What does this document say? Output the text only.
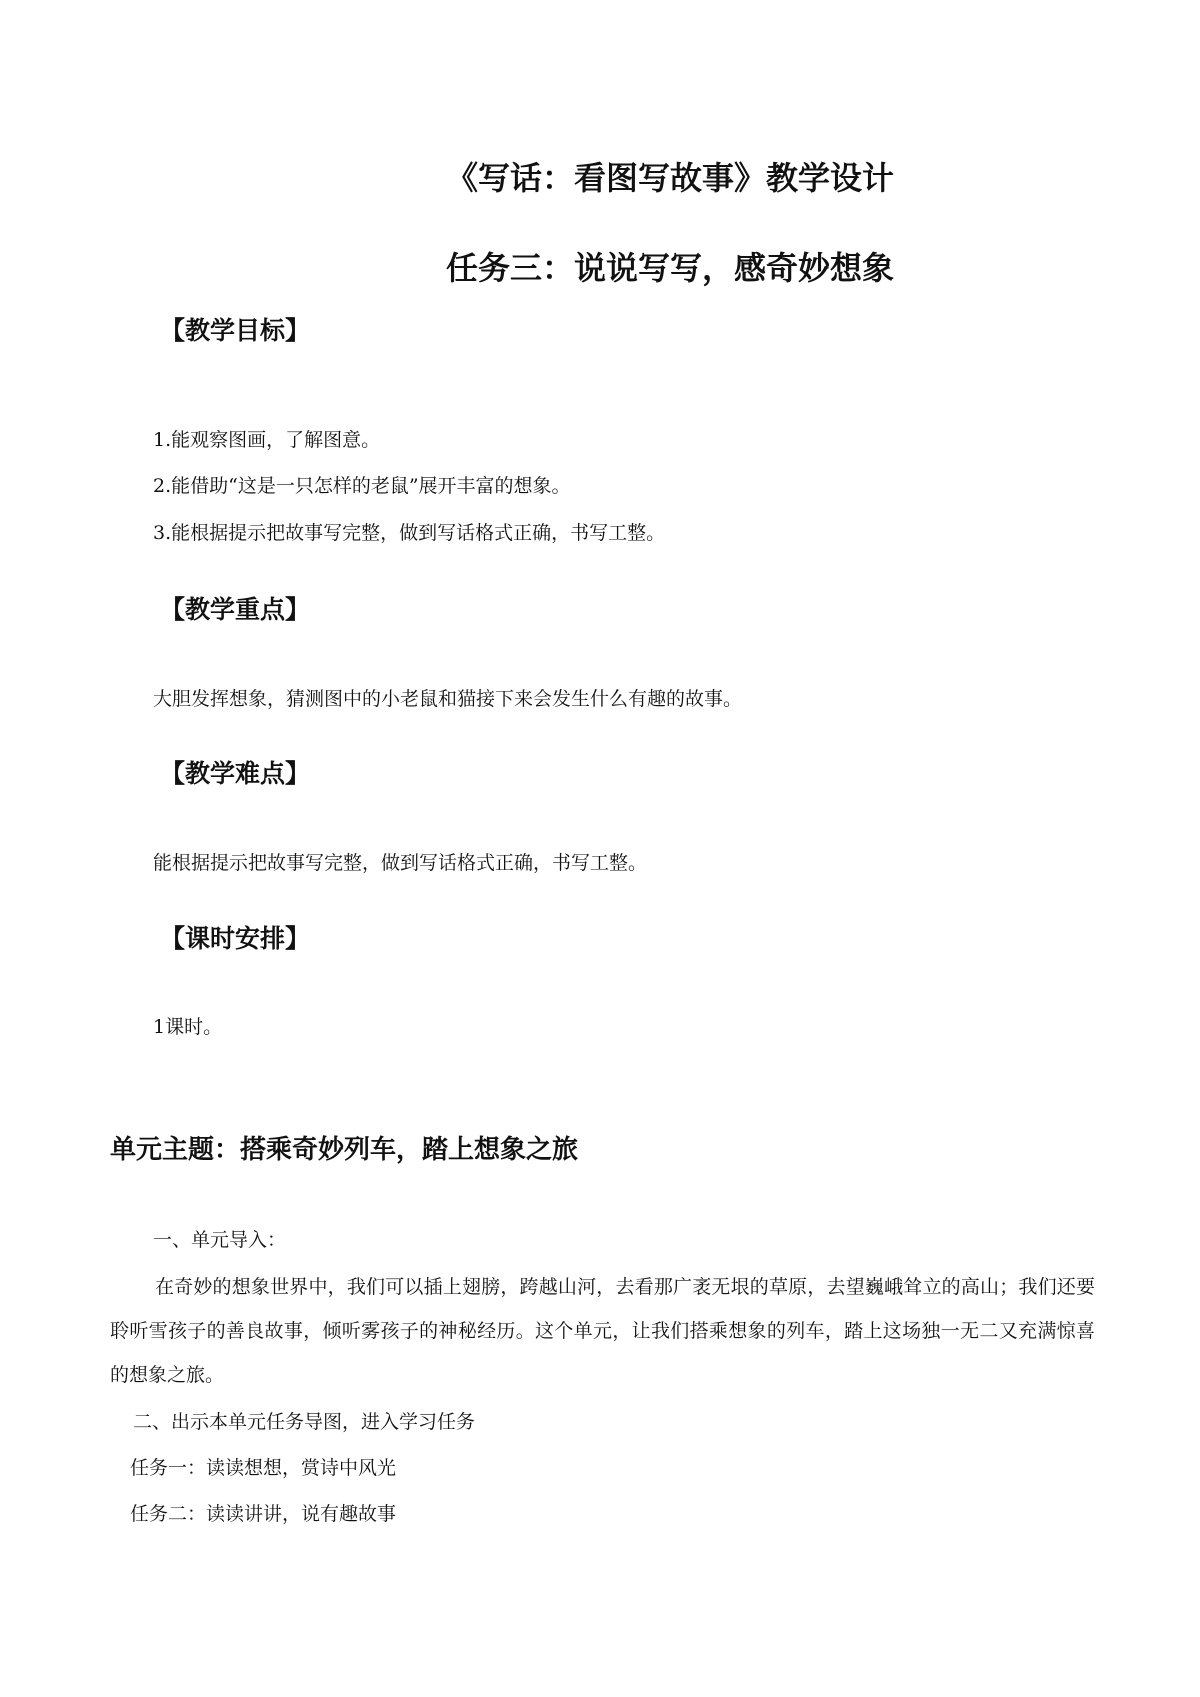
《写话：看图写故事》教学设计
任务三：说说写写，感奇妙想象
【教学目标】

1.能观察图画，了解图意。

2.能借助“这是一只怎样的老鼠”展开丰富的想象。

3.能根据提示把故事写完整，做到写话格式正确，书写工整。

【教学重点】

大胆发挥想象，猜测图中的小老鼠和猫接下来会发生什么有趣的故事。

【教学难点】

能根据提示把故事写完整，做到写话格式正确，书写工整。

【课时安排】

1课时。

单元主题：搭乘奇妙列车，踏上想象之旅

一、单元导入：

在奇妙的想象世界中，我们可以插上翅膀，跨越山河，去看那广袤无垠的草原，去望巍峨耸立的高山；我们还要聆听雪孩子的善良故事，倾听雾孩子的神秘经历。这个单元，让我们搭乘想象的列车，踏上这场独一无二又充满惊喜的想象之旅。

二、出示本单元任务导图，进入学习任务

任务一：读读想想，赏诗中风光

任务二：读读讲讲，说有趣故事
